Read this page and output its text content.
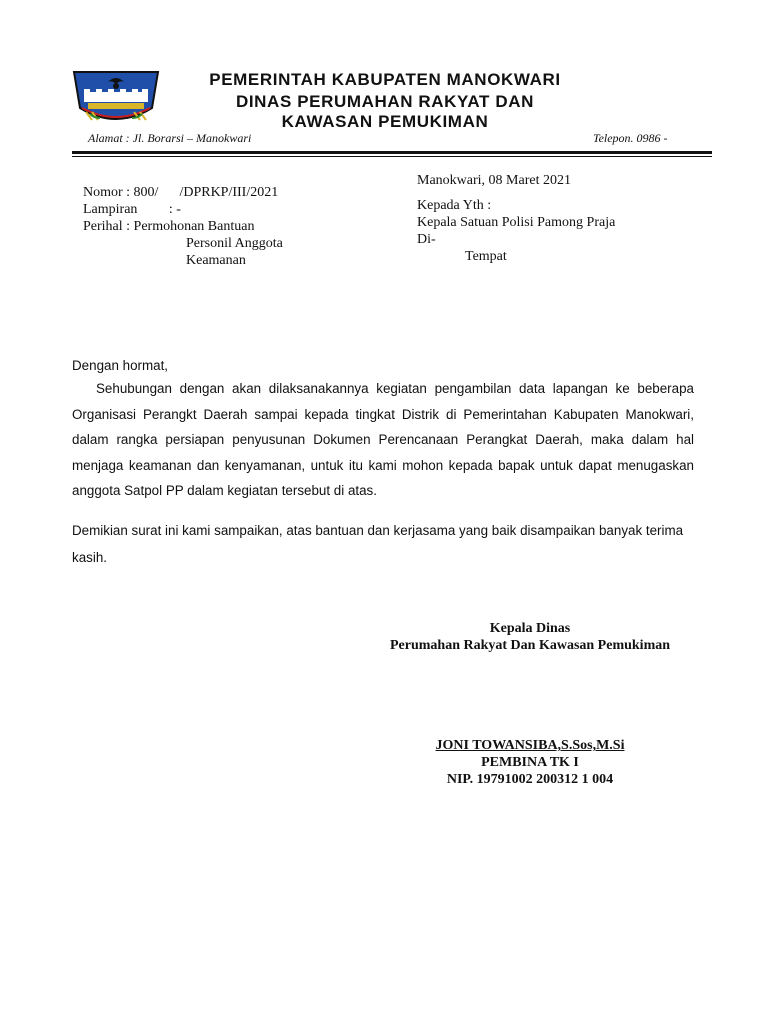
PEMERINTAH KABUPATEN MANOKWARI
DINAS PERUMAHAN RAKYAT DAN
KAWASAN PEMUKIMAN
Alamat : Jl. Borarsi – Manokwari	Telepon. 0986 -
Nomor : 800/      /DPRKP/III/2021
Lampiran         : -
Perihal : Permohonan Bantuan
Personil Anggota
Keamanan
Manokwari, 08 Maret 2021
Kepada Yth :
Kepala Satuan Polisi Pamong Praja
Di-
Tempat
Dengan hormat,
Sehubungan dengan akan dilaksanakannya kegiatan pengambilan data lapangan ke beberapa Organisasi Perangkt Daerah sampai kepada tingkat Distrik di Pemerintahan Kabupaten Manokwari, dalam rangka persiapan penyusunan Dokumen Perencanaan Perangkat Daerah, maka dalam hal menjaga keamanan dan kenyamanan, untuk itu kami mohon kepada bapak untuk dapat menugaskan anggota Satpol PP dalam kegiatan tersebut di atas.
Demikian surat ini kami sampaikan, atas bantuan dan kerjasama yang baik disampaikan banyak terima kasih.
Kepala Dinas
Perumahan Rakyat Dan Kawasan Pemukiman
JONI TOWANSIBA,S.Sos,M.Si
PEMBINA TK I
NIP. 19791002 200312 1 004
